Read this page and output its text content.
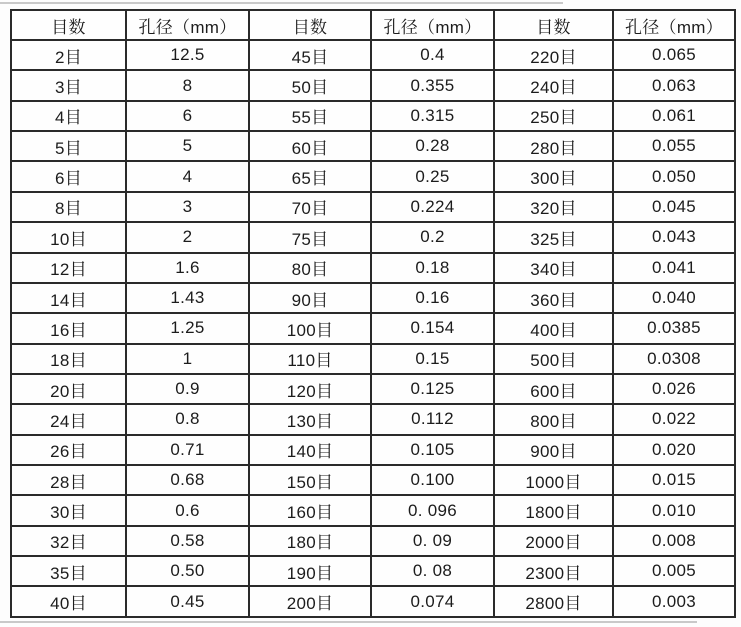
目数	孔径（mm）	目数	孔径（mm）	目数	孔径（mm）
2目	12.5	45目	0.4	220目	0.065
3目	8	50目	0.355	240目	0.063
4目	6	55目	0.315	250目	0.061
5目	5	60目	0.28	280目	0.055
6目	4	65目	0.25	300目	0.050
8目	3	70目	0.224	320目	0.045
10目	2	75目	0.2	325目	0.043
12目	1.6	80目	0.18	340目	0.041
14目	1.43	90目	0.16	360目	0.040
16目	1.25	100目	0.154	400目	0.0385
18目	1	110目	0.15	500目	0.0308
20目	0.9	120目	0.125	600目	0.026
24目	0.8	130目	0.112	800目	0.022
26目	0.71	140目	0.105	900目	0.020
28目	0.68	150目	0.100	1000目	0.015
30目	0.6	160目	0. 096	1800目	0.010
32目	0.58	180目	0. 09	2000目	0.008
35目	0.50	190目	0. 08	2300目	0.005
40目	0.45	200目	0.074	2800目	0.003
